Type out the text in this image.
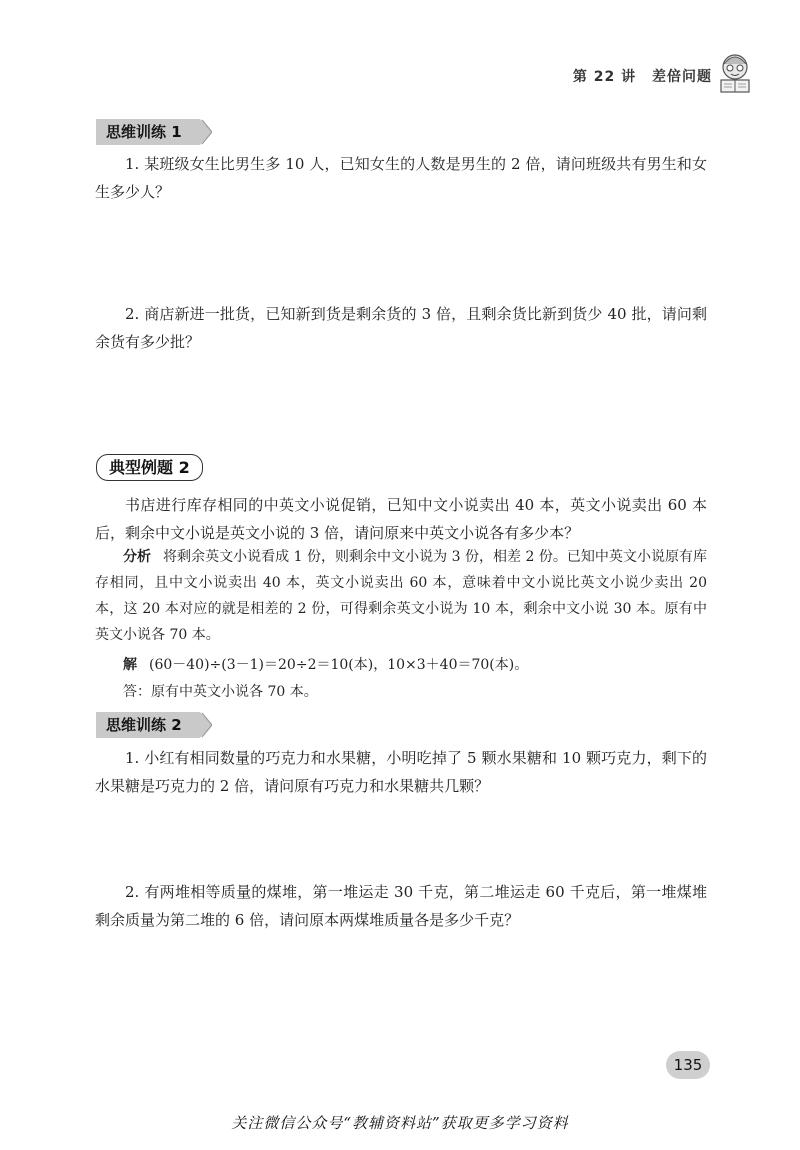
第 22 讲 差倍问题
思维训练 1
1. 某班级女生比男生多 10 人，已知女生的人数是男生的 2 倍，请问班级共有男生和女生多少人？
2. 商店新进一批货，已知新到货是剩余货的 3 倍，且剩余货比新到货少 40 批，请问剩余货有多少批？
典型例题 2
书店进行库存相同的中英文小说促销，已知中文小说卖出 40 本，英文小说卖出 60 本后，剩余中文小说是英文小说的 3 倍，请问原来中英文小说各有多少本？
分析 将剩余英文小说看成 1 份，则剩余中文小说为 3 份，相差 2 份。已知中英文小说原有库存相同，且中文小说卖出 40 本，英文小说卖出 60 本，意味着中文小说比英文小说少卖出 20 本，这 20 本对应的就是相差的 2 份，可得剩余英文小说为 10 本，剩余中文小说 30 本。原有中英文小说各 70 本。
解 (60－40)÷(3－1)＝20÷2＝10(本)，10×3＋40＝70(本)。
答：原有中英文小说各 70 本。
思维训练 2
1. 小红有相同数量的巧克力和水果糖，小明吃掉了 5 颗水果糖和 10 颗巧克力，剩下的水果糖是巧克力的 2 倍，请问原有巧克力和水果糖共几颗？
2. 有两堆相等质量的煤堆，第一堆运走 30 千克，第二堆运走 60 千克后，第一堆煤堆剩余质量为第二堆的 6 倍，请问原本两煤堆质量各是多少千克？
135
关注微信公众号“教辅资料站”获取更多学习资料
